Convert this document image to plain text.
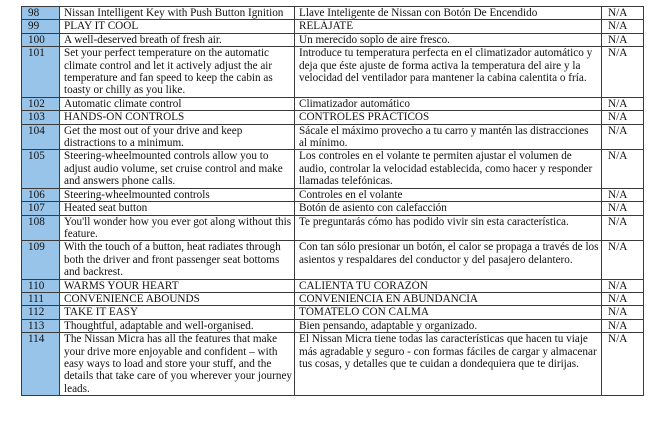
98	Nissan Intelligent Key with Push Button Ignition	Llave Inteligente de Nissan con Botón De Encendido	N/A
99	PLAY IT COOL	RELÁJATE	N/A
100	A well-deserved breath of fresh air.	Un merecido soplo de aire fresco.	N/A
101	Set your perfect temperature on the automatic climate control and let it actively adjust the air temperature and fan speed to keep the cabin as toasty or chilly as you like.	Introduce tu temperatura perfecta en el climatizador automático y deja que éste ajuste de forma activa la temperatura del aire y la velocidad del ventilador para mantener la cabina calentita o fría.	N/A
102	Automatic climate control	Climatizador automático	N/A
103	HANDS-ON CONTROLS	CONTROLES PRÁCTICOS	N/A
104	Get the most out of your drive and keep distractions to a minimum.	Sácale el máximo provecho a tu carro y mantén las distracciones al mínimo.	N/A
105	Steering-wheelmounted controls allow you to adjust audio volume, set cruise control and make and answers phone calls.	Los controles en el volante te permiten ajustar el volumen de audio, controlar la velocidad establecida, como hacer y responder llamadas telefónicas.	N/A
106	Steering-wheelmounted controls	Controles en el volante	N/A
107	Heated seat button	Botón de asiento con calefacción	N/A
108	You'll wonder how you ever got along without this feature.	Te preguntarás cómo has podido vivir sin esta característica.	N/A
109	With the touch of a button, heat radiates through both the driver and front passenger seat bottoms and backrest.	Con tan sólo presionar un botón, el calor se propaga a través de los asientos y respaldares del conductor y del pasajero delantero.	N/A
110	WARMS YOUR HEART	CALIENTA TU CORAZÓN	N/A
111	CONVENIENCE ABOUNDS	CONVENIENCIA EN ABUNDANCIA	N/A
112	TAKE IT EASY	TÓMATELO CON CALMA	N/A
113	Thoughtful, adaptable and well-organised.	Bien pensando, adaptable y organizado.	N/A
114	The Nissan Micra has all the features that make your drive more enjoyable and confident – with easy ways to load and store your stuff, and the details that take care of you wherever your journey leads.	El Nissan Micra tiene todas las características que hacen tu viaje más agradable y seguro - con formas fáciles de cargar y almacenar tus cosas, y detalles que te cuidan a dondequiera que te dirijas.	N/A
